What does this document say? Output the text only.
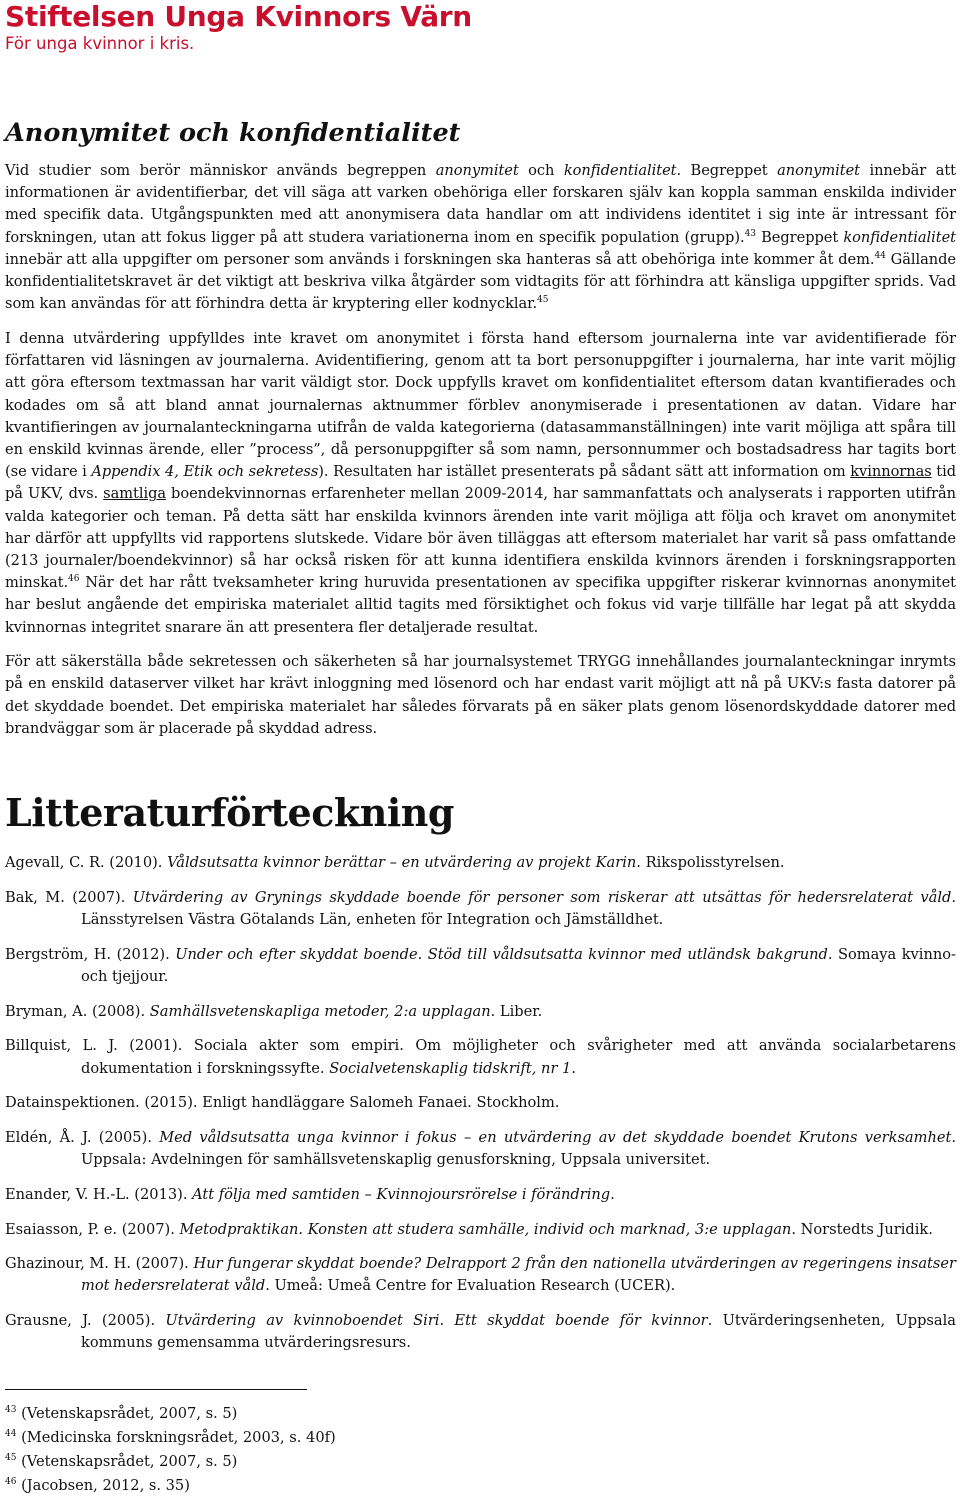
Stiftelsen Unga Kvinnors Värn
För unga kvinnor i kris.
Anonymitet och konfidentialitet

Vid studier som berör människor används begreppen anonymitet och konfidentialitet. Begreppet anonymitet innebär att informationen är avidentifierbar, det vill säga att varken obehöriga eller forskaren själv kan koppla samman enskilda individer med specifik data. Utgångspunkten med att anonymisera data handlar om att individens identitet i sig inte är intressant för forskningen, utan att fokus ligger på att studera variationerna inom en specifik population (grupp).$^{43}$ Begreppet konfidentialitet innebär att alla uppgifter om personer som används i forskningen ska hanteras så att obehöriga inte kommer åt dem.$^{44}$ Gällande konfidentialitetskravet är det viktigt att beskriva vilka åtgärder som vidtagits för att förhindra att känsliga uppgifter sprids. Vad som kan användas för att förhindra detta är kryptering eller kodnycklar.$^{45}$

I denna utvärdering uppfylldes inte kravet om anonymitet i första hand eftersom journalerna inte var avidentifierade för författaren vid läsningen av journalerna. Avidentifiering, genom att ta bort personuppgifter i journalerna, har inte varit möjlig att göra eftersom textmassan har varit väldigt stor. Dock uppfylls kravet om konfidentialitet eftersom datan kvantifierades och kodades om så att bland annat journalernas aktnummer förblev anonymiserade i presentationen av datan. Vidare har kvantifieringen av journalanteckningarna utifrån de valda kategorierna (datasammanställningen) inte varit möjliga att spåra till en enskild kvinnas ärende, eller ”process”, då personuppgifter så som namn, personnummer och bostadsadress har tagits bort (se vidare i Appendix 4, Etik och sekretess). Resultaten har istället presenterats på sådant sätt att information om kvinnornas tid på UKV, dvs. samtliga boendekvinnornas erfarenheter mellan 2009-2014, har sammanfattats och analyserats i rapporten utifrån valda kategorier och teman. På detta sätt har enskilda kvinnors ärenden inte varit möjliga att följa och kravet om anonymitet har därför att uppfyllts vid rapportens slutskede. Vidare bör även tilläggas att eftersom materialet har varit så pass omfattande (213 journaler/boendekvinnor) så har också risken för att kunna identifiera enskilda kvinnors ärenden i forskningsrapporten minskat.$^{46}$ När det har rått tveksamheter kring huruvida presentationen av specifika uppgifter riskerar kvinnornas anonymitet har beslut angående det empiriska materialet alltid tagits med försiktighet och fokus vid varje tillfälle har legat på att skydda kvinnornas integritet snarare än att presentera fler detaljerade resultat.

För att säkerställa både sekretessen och säkerheten så har journalsystemet TRYGG innehållandes journalanteckningar inrymts på en enskild dataserver vilket har krävt inloggning med lösenord och har endast varit möjligt att nå på UKV:s fasta datorer på det skyddade boendet. Det empiriska materialet har således förvarats på en säker plats genom lösenordskyddade datorer med brandväggar som är placerade på skyddad adress.

Litteraturförteckning
Agevall, C. R. (2010). Våldsutsatta kvinnor berättar – en utvärdering av projekt Karin. Rikspolisstyrelsen.
Bak, M. (2007). Utvärdering av Grynings skyddade boende för personer som riskerar att utsättas för hedersrelaterat våld. Länsstyrelsen Västra Götalands Län, enheten för Integration och Jämställdhet.
Bergström, H. (2012). Under och efter skyddat boende. Stöd till våldsutsatta kvinnor med utländsk bakgrund. Somaya kvinno- och tjejjour.
Bryman, A. (2008). Samhällsvetenskapliga metoder, 2:a upplagan. Liber.
Billquist, L. J. (2001). Sociala akter som empiri. Om möjligheter och svårigheter med att använda socialarbetarens dokumentation i forskningssyfte. Socialvetenskaplig tidskrift, nr 1.
Datainspektionen. (2015). Enligt handläggare Salomeh Fanaei. Stockholm.
Eldén, Å. J. (2005). Med våldsutsatta unga kvinnor i fokus – en utvärdering av det skyddade boendet Krutons verksamhet. Uppsala: Avdelningen för samhällsvetenskaplig genusforskning, Uppsala universitet.
Enander, V. H.-L. (2013). Att följa med samtiden – Kvinnojoursrörelse i förändring.
Esaiasson, P. e. (2007). Metodpraktikan. Konsten att studera samhälle, individ och marknad, 3:e upplagan. Norstedts Juridik.
Ghazinour, M. H. (2007). Hur fungerar skyddat boende? Delrapport 2 från den nationella utvärderingen av regeringens insatser mot hedersrelaterat våld. Umeå: Umeå Centre for Evaluation Research (UCER).
Grausne, J. (2005). Utvärdering av kvinnoboendet Siri. Ett skyddat boende för kvinnor. Utvärderingsenheten, Uppsala kommuns gemensamma utvärderingsresurs.
$^{43}$ (Vetenskapsrådet, 2007, s. 5)
$^{44}$ (Medicinska forskningsrådet, 2003, s. 40f)
$^{45}$ (Vetenskapsrådet, 2007, s. 5)
$^{46}$ (Jacobsen, 2012, s. 35)
